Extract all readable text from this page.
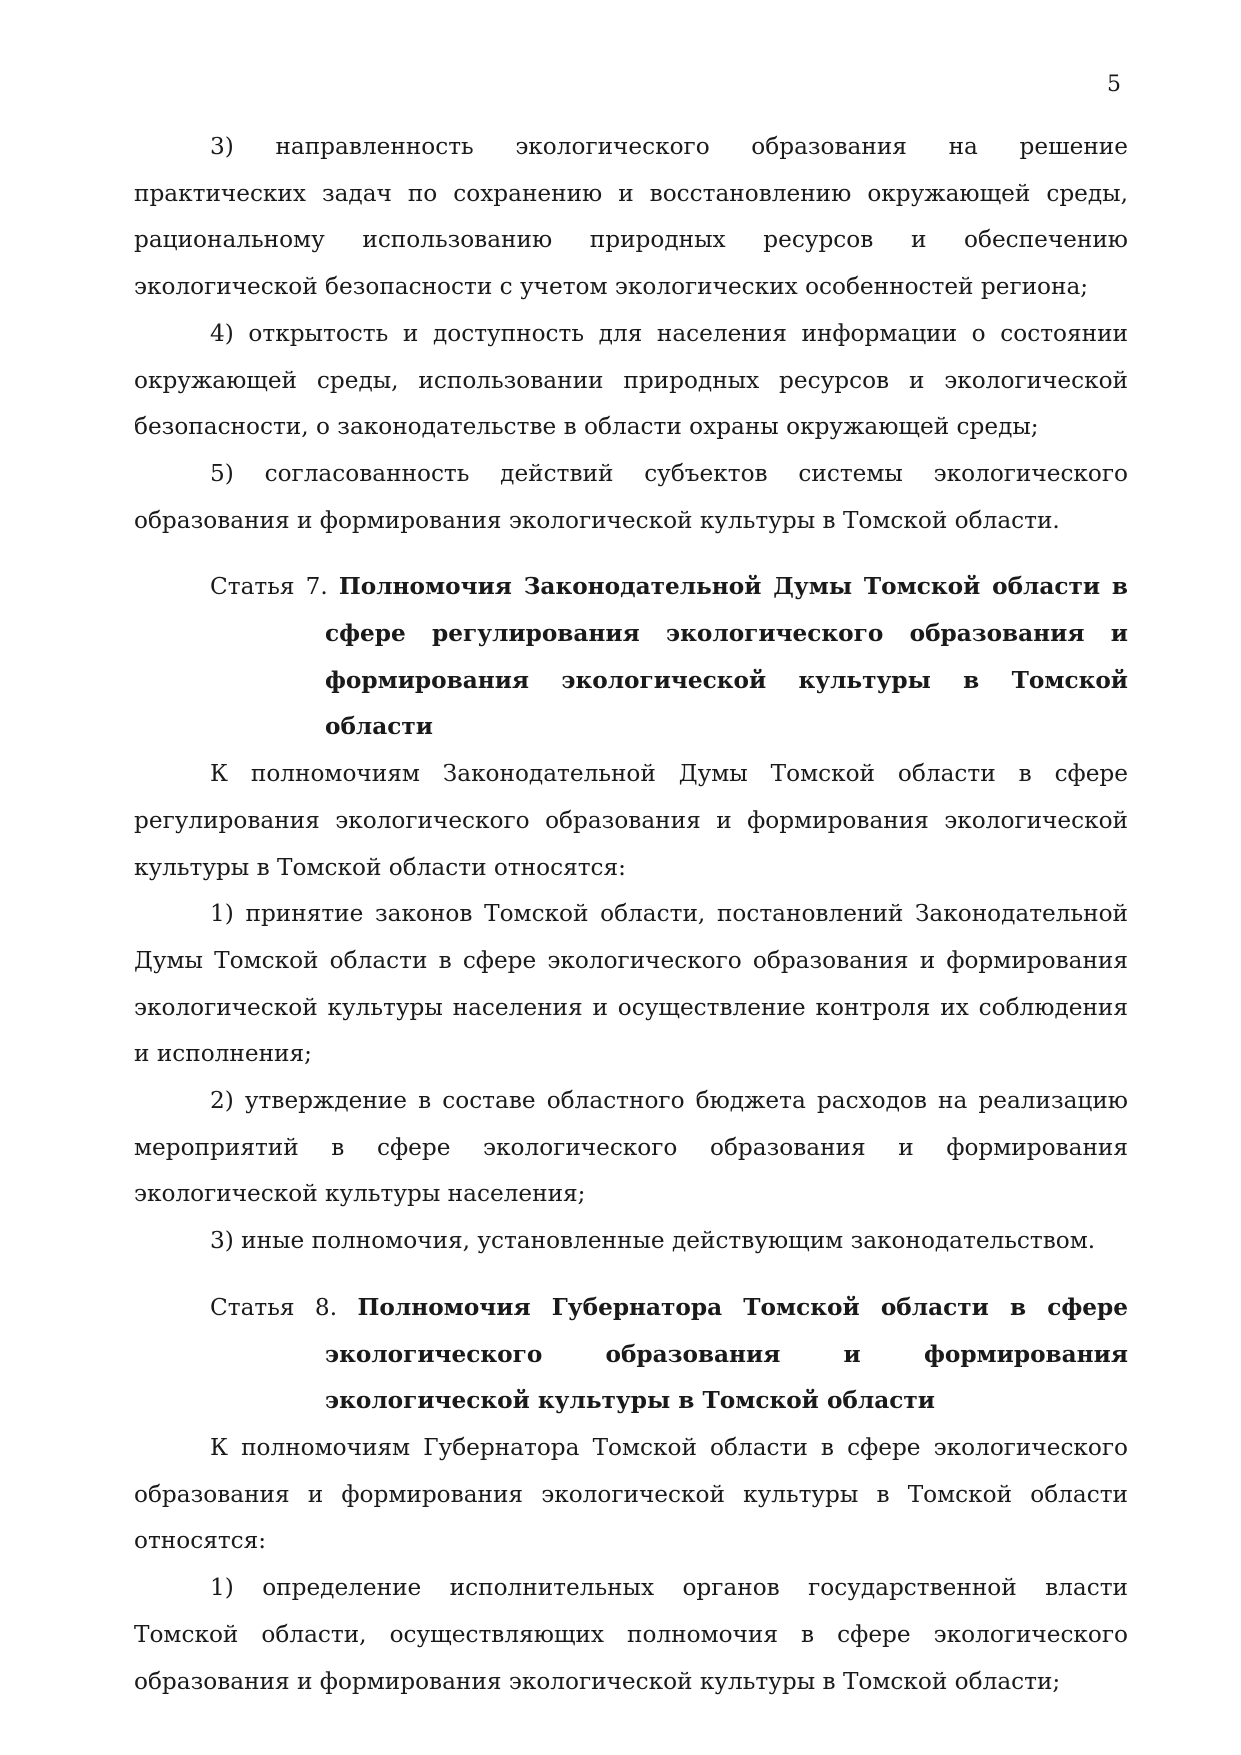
5

3) направленность экологического образования на решение практических задач по сохранению и восстановлению окружающей среды, рациональному использованию природных ресурсов и обеспечению экологической безопасности с учетом экологических особенностей региона;

4) открытость и доступность для населения информации о состоянии окружающей среды, использовании природных ресурсов и экологической безопасности, о законодательстве в области охраны окружающей среды;

5) согласованность действий субъектов системы экологического образования и формирования экологической культуры в Томской области.

Статья 7. Полномочия Законодательной Думы Томской области в сфере регулирования экологического образования и формирования экологической культуры в Томской области

К полномочиям Законодательной Думы Томской области в сфере регулирования экологического образования и формирования экологической культуры в Томской области относятся:

1) принятие законов Томской области, постановлений Законодательной Думы Томской области в сфере экологического образования и формирования экологической культуры населения и осуществление контроля их соблюдения и исполнения;

2) утверждение в составе областного бюджета расходов на реализацию мероприятий в сфере экологического образования и формирования экологической культуры населения;

3) иные полномочия, установленные действующим законодательством.

Статья 8. Полномочия Губернатора Томской области в сфере экологического образования и формирования экологической культуры в Томской области

К полномочиям Губернатора Томской области в сфере экологического образования и формирования экологической культуры в Томской области относятся:

1) определение исполнительных органов государственной власти Томской области, осуществляющих полномочия в сфере экологического образования и формирования экологической культуры в Томской области;
